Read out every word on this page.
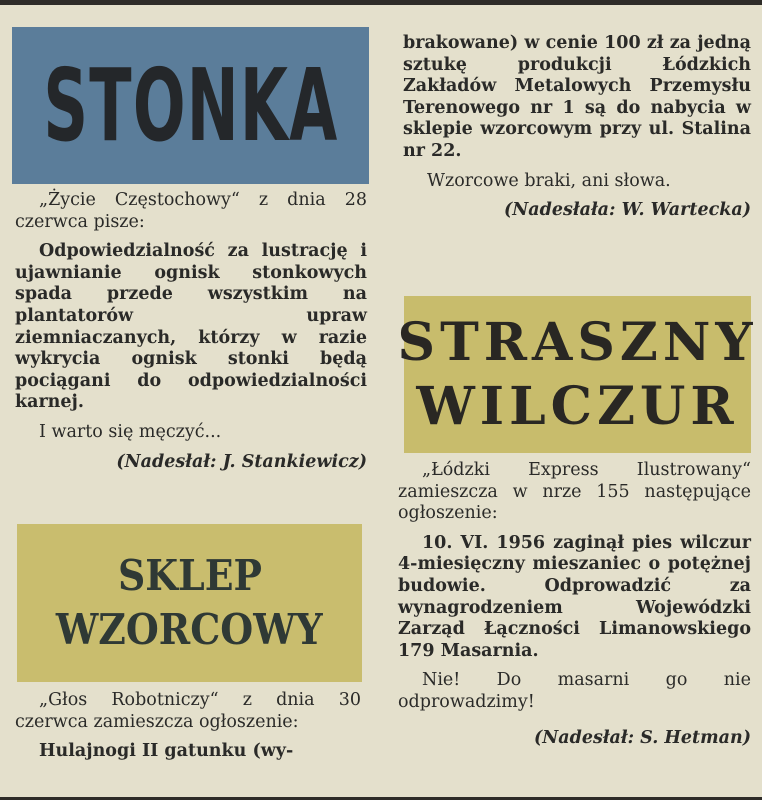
STONKA

„Życie Częstochowy“ z dnia 28 czerwca pisze:

Odpowiedzialność za lustrację i ujawnianie ognisk stonkowych spada przede wszystkim na plantatorów upraw ziemniaczanych, którzy w razie wykrycia ognisk stonki będą pociągani do odpowiedzialności karnej.

I warto się męczyć...

(Nadesłał: J. Stankiewicz)

SKLEP
WZORCOWY

„Głos Robotniczy“ z dnia 30 czerwca zamieszcza ogłoszenie:

Hulajnogi II gatunku (wy-

brakowane) w cenie 100 zł za jedną sztukę produkcji Łódzkich Zakładów Metalowych Przemysłu Terenowego nr 1 są do nabycia w sklepie wzorcowym przy ul. Stalina nr 22.

Wzorcowe braki, ani słowa.

(Nadesłała: W. Wartecka)

STRASZNY
WILCZUR

„Łódzki Express Ilustrowany“ zamieszcza w nrze 155 następujące ogłoszenie:

10. VI. 1956 zaginął pies wilczur 4-miesięczny mieszaniec o potężnej budowie. Odprowadzić za wynagrodzeniem Wojewódzki Zarząd Łączności Limanowskiego 179 Masarnia.

Nie! Do masarni go nie odprowadzimy!

(Nadesłał: S. Hetman)
